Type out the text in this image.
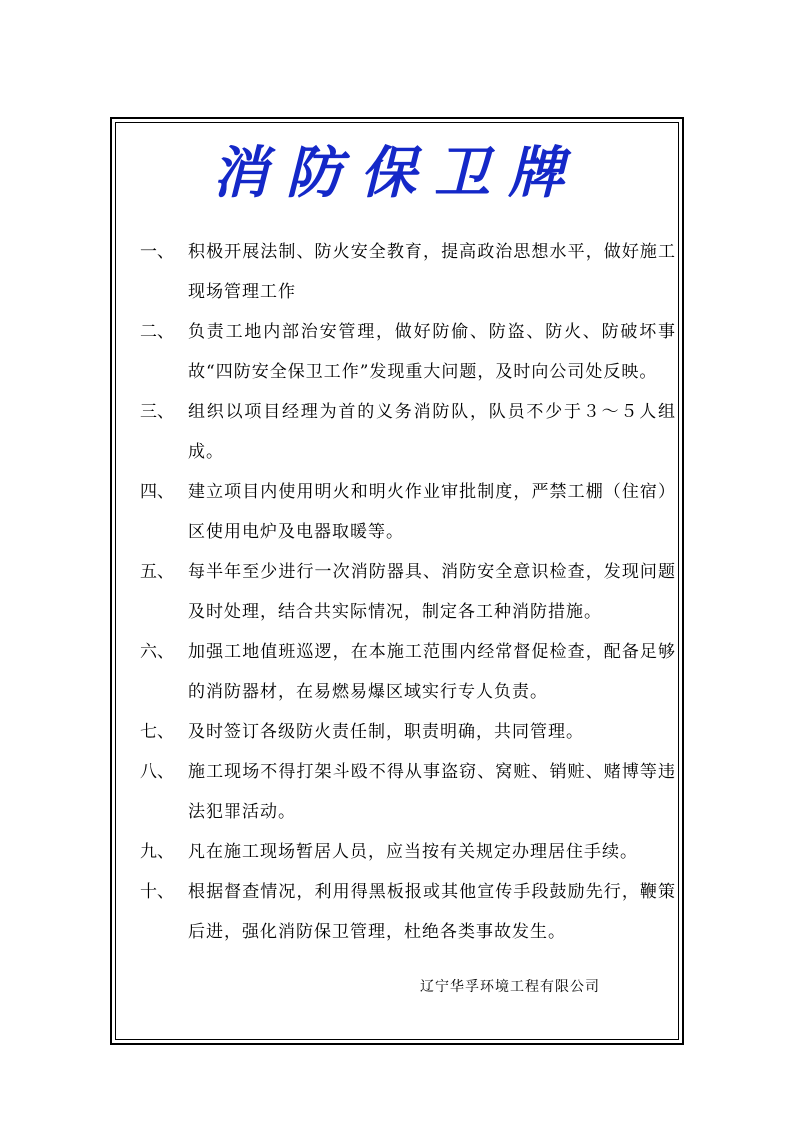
消防保卫牌
一、 积极开展法制、防火安全教育，提高政治思想水平，做好施工现场管理工作
二、 负责工地内部治安管理，做好防偷、防盗、防火、防破坏事故“四防安全保卫工作”发现重大问题，及时向公司处反映。
三、 组织以项目经理为首的义务消防队，队员不少于３～５人组成。
四、 建立项目内使用明火和明火作业审批制度，严禁工棚（住宿）区使用电炉及电器取暖等。
五、 每半年至少进行一次消防器具、消防安全意识检查，发现问题及时处理，结合共实际情况，制定各工种消防措施。
六、 加强工地值班巡逻，在本施工范围内经常督促检查，配备足够的消防器材，在易燃易爆区域实行专人负责。
七、 及时签订各级防火责任制，职责明确，共同管理。
八、 施工现场不得打架斗殴不得从事盗窃、窝赃、销赃、赌博等违法犯罪活动。
九、 凡在施工现场暂居人员，应当按有关规定办理居住手续。
十、 根据督查情况，利用得黑板报或其他宣传手段鼓励先行，鞭策后进，强化消防保卫管理，杜绝各类事故发生。
辽宁华孚环境工程有限公司
